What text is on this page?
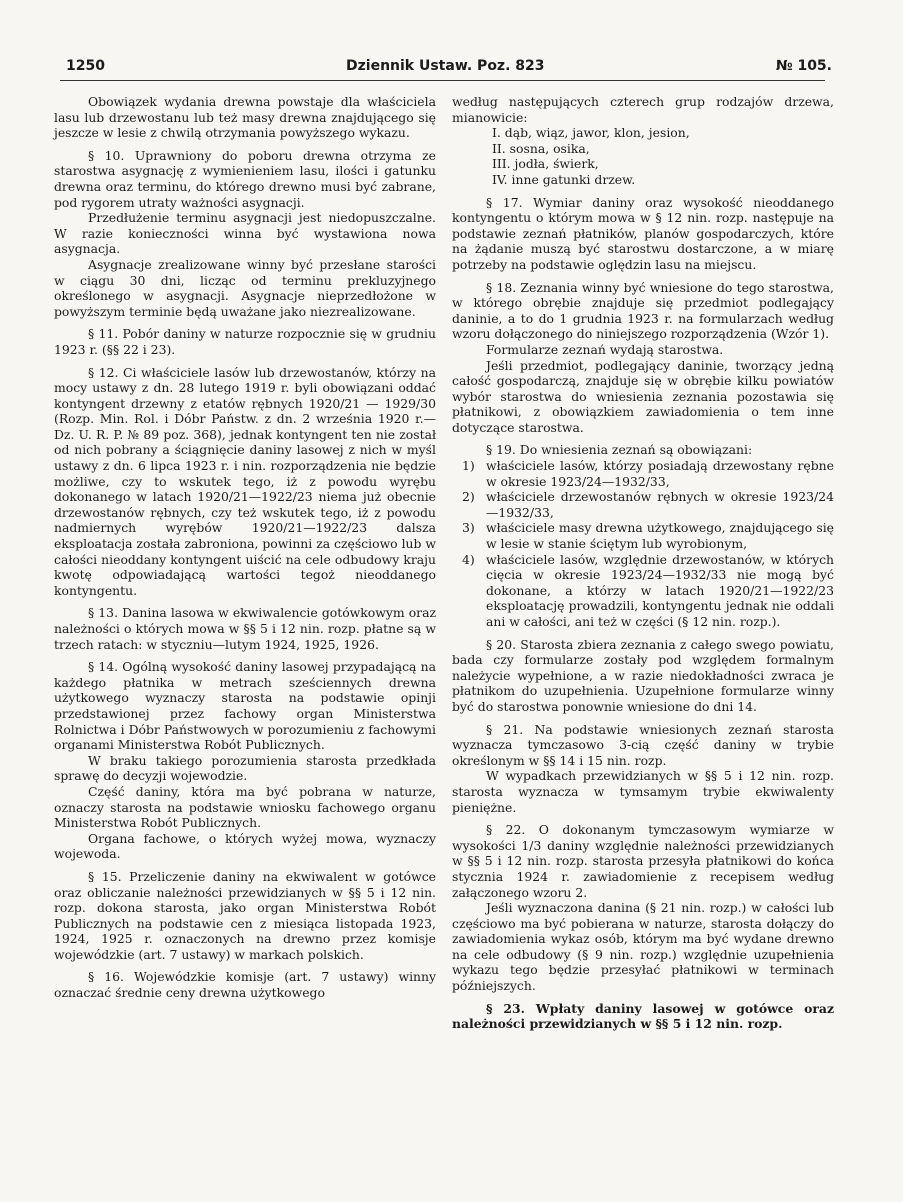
1250	Dziennik Ustaw. Poz. 823	№ 105.

Obowiązek wydania drewna powstaje dla właściciela lasu lub drzewostanu lub też masy drewna znajdującego się jeszcze w lesie z chwilą otrzymania powyższego wykazu.

§ 10. Uprawniony do poboru drewna otrzyma ze starostwa asygnację z wymienieniem lasu, ilości i gatunku drewna oraz terminu, do którego drewno musi być zabrane, pod rygorem utraty ważności asygnacji.

Przedłużenie terminu asygnacji jest niedopuszczalne. W razie konieczności winna być wystawiona nowa asygnacja.

Asygnacje zrealizowane winny być przesłane starości w ciągu 30 dni, licząc od terminu prekluzyjnego określonego w asygnacji. Asygnacje nieprzedłożone w powyższym terminie będą uważane jako niezrealizowane.

§ 11. Pobór daniny w naturze rozpocznie się w grudniu 1923 r. (§§ 22 i 23).

§ 12. Ci właściciele lasów lub drzewostanów, którzy na mocy ustawy z dn. 28 lutego 1919 r. byli obowiązani oddać kontyngent drzewny z etatów rębnych 1920/21 — 1929/30 (Rozp. Min. Rol. i Dóbr Państw. z dn. 2 września 1920 r.—Dz. U. R. P. № 89 poz. 368), jednak kontyngent ten nie został od nich pobrany a ściągnięcie daniny lasowej z nich w myśl ustawy z dn. 6 lipca 1923 r. i nin. rozporządzenia nie będzie możliwe, czy to wskutek tego, iż z powodu wyrębu dokonanego w latach 1920/21—1922/23 niema już obecnie drzewostanów rębnych, czy też wskutek tego, iż z powodu nadmiernych wyrębów 1920/21—1922/23 dalsza eksploatacja została zabroniona, powinni za częściowo lub w całości nieoddany kontyngent uiścić na cele odbudowy kraju kwotę odpowiadającą wartości tegoż nieoddanego kontyngentu.

§ 13. Danina lasowa w ekwiwalencie gotówkowym oraz należności o których mowa w §§ 5 i 12 nin. rozp. płatne są w trzech ratach: w styczniu—lutym 1924, 1925, 1926.

§ 14. Ogólną wysokość daniny lasowej przypadającą na każdego płatnika w metrach sześciennych drewna użytkowego wyznaczy starosta na podstawie opinji przedstawionej przez fachowy organ Ministerstwa Rolnictwa i Dóbr Państwowych w porozumieniu z fachowymi organami Ministerstwa Robót Publicznych.

W braku takiego porozumienia starosta przedkłada sprawę do decyzji wojewodzie.

Część daniny, która ma być pobrana w naturze, oznaczy starosta na podstawie wniosku fachowego organu Ministerstwa Robót Publicznych.

Organa fachowe, o których wyżej mowa, wyznaczy wojewoda.

§ 15. Przeliczenie daniny na ekwiwalent w gotówce oraz obliczanie należności przewidzianych w §§ 5 i 12 nin. rozp. dokona starosta, jako organ Ministerstwa Robót Publicznych na podstawie cen z miesiąca listopada 1923, 1924, 1925 r. oznaczonych na drewno przez komisje wojewódzkie (art. 7 ustawy) w markach polskich.

§ 16. Wojewódzkie komisje (art. 7 ustawy) winny oznaczać średnie ceny drewna użytkowego

według następujących czterech grup rodzajów drzewa, mianowicie:

I. dąb, wiąz, jawor, klon, jesion,
II. sosna, osika,
III. jodła, świerk,
IV. inne gatunki drzew.

§ 17. Wymiar daniny oraz wysokość nieoddanego kontyngentu o którym mowa w § 12 nin. rozp. następuje na podstawie zeznań płatników, planów gospodarczych, które na żądanie muszą być starostwu dostarczone, a w miarę potrzeby na podstawie oględzin lasu na miejscu.

§ 18. Zeznania winny być wniesione do tego starostwa, w którego obrębie znajduje się przedmiot podlegający daninie, a to do 1 grudnia 1923 r. na formularzach według wzoru dołączonego do niniejszego rozporządzenia (Wzór 1).

Formularze zeznań wydają starostwa.

Jeśli przedmiot, podlegający daninie, tworzący jedną całość gospodarczą, znajduje się w obrębie kilku powiatów wybór starostwa do wniesienia zeznania pozostawia się płatnikowi, z obowiązkiem zawiadomienia o tem inne dotyczące starostwa.

§ 19. Do wniesienia zeznań są obowiązani:

1) właściciele lasów, którzy posiadają drzewostany rębne w okresie 1923/24—1932/33,
2) właściciele drzewostanów rębnych w okresie 1923/24—1932/33,
3) właściciele masy drewna użytkowego, znajdującego się w lesie w stanie ściętym lub wyrobionym,
4) właściciele lasów, względnie drzewostanów, w których cięcia w okresie 1923/24—1932/33 nie mogą być dokonane, a którzy w latach 1920/21—1922/23 eksploatację prowadzili, kontyngentu jednak nie oddali ani w całości, ani też w części (§ 12 nin. rozp.).

§ 20. Starosta zbiera zeznania z całego swego powiatu, bada czy formularze zostały pod względem formalnym należycie wypełnione, a w razie niedokładności zwraca je płatnikom do uzupełnienia. Uzupełnione formularze winny być do starostwa ponownie wniesione do dni 14.

§ 21. Na podstawie wniesionych zeznań starosta wyznacza tymczasowo 3-cią część daniny w trybie określonym w §§ 14 i 15 nin. rozp.

W wypadkach przewidzianych w §§ 5 i 12 nin. rozp. starosta wyznacza w tymsamym trybie ekwiwalenty pieniężne.

§ 22. O dokonanym tymczasowym wymiarze w wysokości 1/3 daniny względnie należności przewidzianych w §§ 5 i 12 nin. rozp. starosta przesyła płatnikowi do końca stycznia 1924 r. zawiadomienie z recepisem według załączonego wzoru 2.

Jeśli wyznaczona danina (§ 21 nin. rozp.) w całości lub częściowo ma być pobierana w naturze, starosta dołączy do zawiadomienia wykaz osób, którym ma być wydane drewno na cele odbudowy (§ 9 nin. rozp.) względnie uzupełnienia wykazu tego będzie przesyłać płatnikowi w terminach późniejszych.

§ 23. Wpłaty daniny lasowej w gotówce oraz należności przewidzianych w §§ 5 i 12 nin. rozp.
